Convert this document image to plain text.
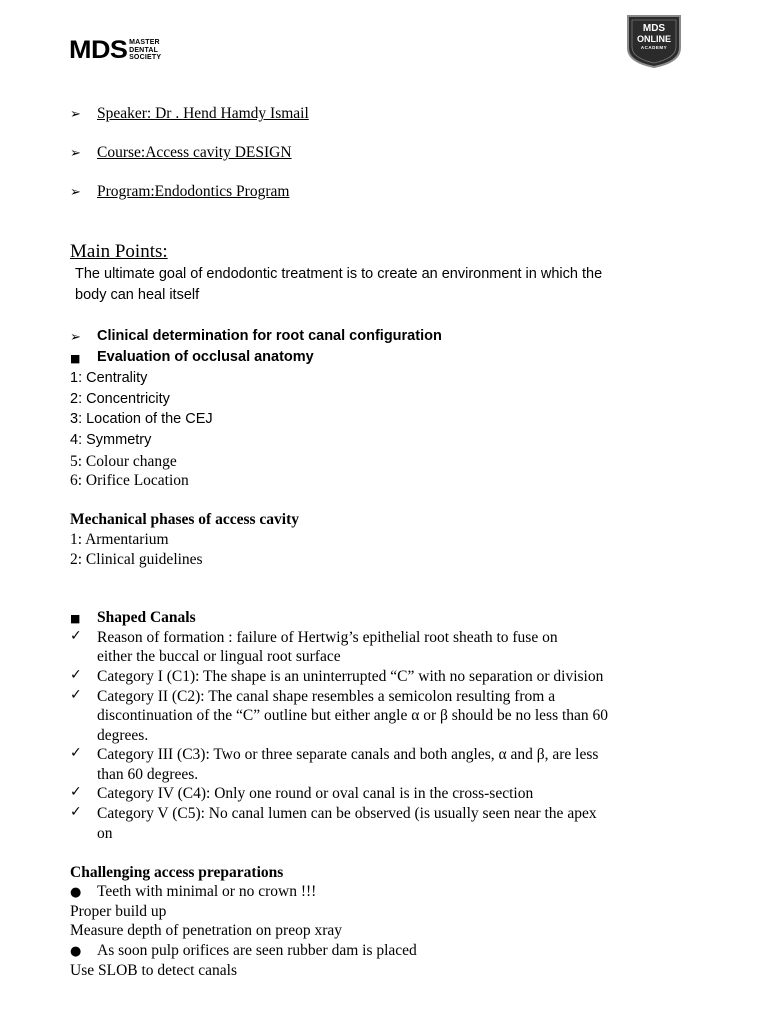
MDS MASTER
DENTAL
SOCIETY
MDS
ONLINE
ACADEMY
➢ Speaker: Dr . Hend Hamdy Ismail
➢ Course:Access cavity DESIGN
➢ Program:Endodontics Program
Main Points:
The ultimate goal of endodontic treatment is to create an environment in which the
body can heal itself
➢ Clinical determination for root canal configuration
■ Evaluation of occlusal anatomy
1: Centrality
2: Concentricity
3: Location of the CEJ
4: Symmetry
5: Colour change
6: Orifice Location
Mechanical phases of access cavity
1: Armentarium
2: Clinical guidelines
■ Shaped Canals
✓ Reason of formation : failure of Hertwig’s epithelial root sheath to fuse on
either the buccal or lingual root surface
✓ Category I (C1): The shape is an uninterrupted “C” with no separation or division
✓ Category II (C2): The canal shape resembles a semicolon resulting from a
discontinuation of the “C” outline but either angle α or β should be no less than 60
degrees.
✓ Category III (C3): Two or three separate canals and both angles, α and β, are less
than 60 degrees.
✓ Category IV (C4): Only one round or oval canal is in the cross-section
✓ Category V (C5): No canal lumen can be observed (is usually seen near the apex
on
Challenging access preparations
● Teeth with minimal or no crown !!!
Proper build up
Measure depth of penetration on preop xray
● As soon pulp orifices are seen rubber dam is placed
Use SLOB to detect canals
